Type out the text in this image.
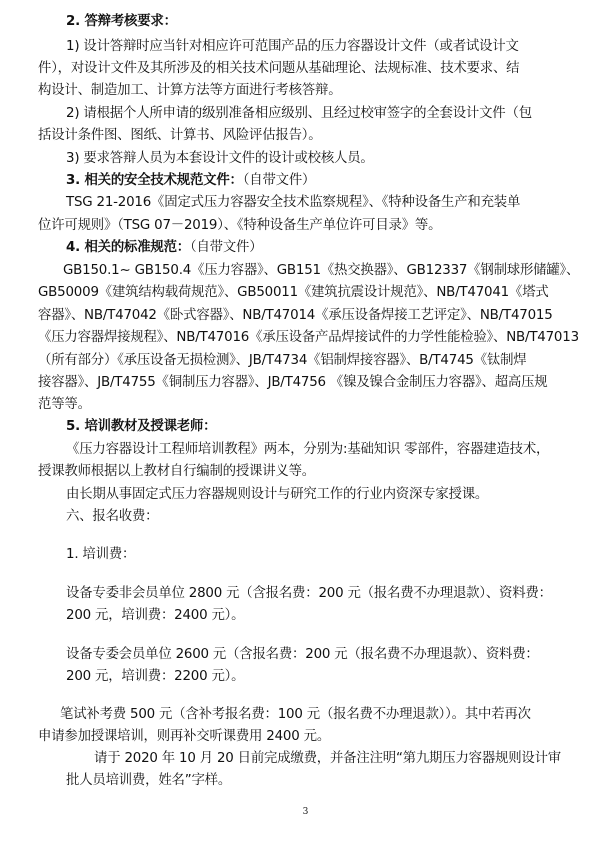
2. 答辩考核要求：
1) 设计答辩时应当针对相应许可范围产品的压力容器设计文件（或者试设计文
件），对设计文件及其所涉及的相关技术问题从基础理论、法规标准、技术要求、结
构设计、制造加工、计算方法等方面进行考核答辩。
2) 请根据个人所申请的级别准备相应级别、且经过校审签字的全套设计文件（包
括设计条件图、图纸、计算书、风险评估报告）。
3) 要求答辩人员为本套设计文件的设计或校核人员。
3. 相关的安全技术规范文件：（自带文件）
TSG 21-2016《固定式压力容器安全技术监察规程》、《特种设备生产和充装单
位许可规则》（TSG 07－2019）、《特种设备生产单位许可目录》等。
4. 相关的标准规范：（自带文件）
GB150.1~ GB150.4《压力容器》、GB151《热交换器》、GB12337《钢制球形储罐》、
GB50009《建筑结构载荷规范》、GB50011《建筑抗震设计规范》、NB/T47041《塔式
容器》、NB/T47042《卧式容器》、NB/T47014《承压设备焊接工艺评定》、NB/T47015
《压力容器焊接规程》、NB/T47016《承压设备产品焊接试件的力学性能检验》、NB/T47013
（所有部分）《承压设备无损检测》、JB/T4734《铝制焊接容器》、B/T4745《钛制焊
接容器》、JB/T4755《铜制压力容器》、JB/T4756 《镍及镍合金制压力容器》、超高压规
范等等。
5. 培训教材及授课老师：
《压力容器设计工程师培训教程》两本，分别为:基础知识 零部件，容器建造技术，
授课教师根据以上教材自行编制的授课讲义等。
由长期从事固定式压力容器规则设计与研究工作的行业内资深专家授课。
六、报名收费：
1. 培训费：
设备专委非会员单位 2800 元（含报名费：200 元（报名费不办理退款）、资料费：
200 元，培训费：2400 元）。
设备专委会员单位 2600 元（含报名费：200 元（报名费不办理退款）、资料费：
200 元，培训费：2200 元）。
笔试补考费 500 元（含补考报名费：100 元（报名费不办理退款））。其中若再次
申请参加授课培训，则再补交听课费用 2400 元。
请于 2020 年 10 月 20 日前完成缴费，并备注注明“第九期压力容器规则设计审
批人员培训费，姓名”字样。
3
